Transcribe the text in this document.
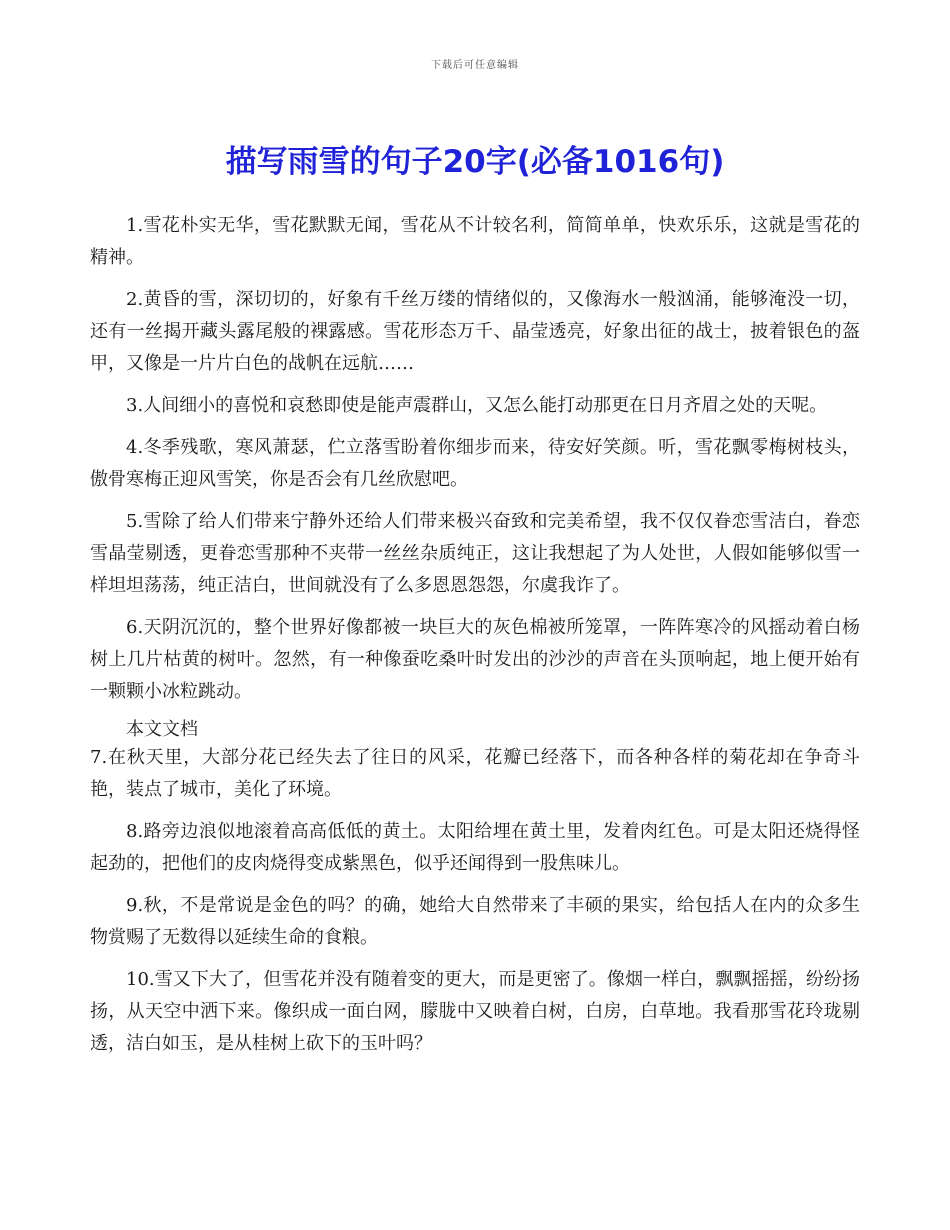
下载后可任意编辑
描写雨雪的句子20字(必备1016句)

1.雪花朴实无华，雪花默默无闻，雪花从不计较名利，简简单单，快欢乐乐，这就是雪花的精神。

2.黄昏的雪，深切切的，好象有千丝万缕的情绪似的，又像海水一般汹涌，能够淹没一切，还有一丝揭开藏头露尾般的裸露感。雪花形态万千、晶莹透亮，好象出征的战士，披着银色的盔甲，又像是一片片白色的战帆在远航……

3.人间细小的喜悦和哀愁即使是能声震群山，又怎么能打动那更在日月齐眉之处的天呢。

4.冬季残歌，寒风萧瑟，伫立落雪盼着你细步而来，待安好笑颜。听，雪花飘零梅树枝头，傲骨寒梅正迎风雪笑，你是否会有几丝欣慰吧。

5.雪除了给人们带来宁静外还给人们带来极兴奋致和完美希望，我不仅仅眷恋雪洁白，眷恋雪晶莹剔透，更眷恋雪那种不夹带一丝丝杂质纯正，这让我想起了为人处世，人假如能够似雪一样坦坦荡荡，纯正洁白，世间就没有了么多恩恩怨怨，尔虞我诈了。

6.天阴沉沉的，整个世界好像都被一块巨大的灰色棉被所笼罩，一阵阵寒冷的风摇动着白杨树上几片枯黄的树叶。忽然，有一种像蚕吃桑叶时发出的沙沙的声音在头顶响起，地上便开始有一颗颗小冰粒跳动。

本文文档

7.在秋天里，大部分花已经失去了往日的风采，花瓣已经落下，而各种各样的菊花却在争奇斗艳，装点了城市，美化了环境。

8.路旁边浪似地滚着高高低低的黄土。太阳给埋在黄土里，发着肉红色。可是太阳还烧得怪起劲的，把他们的皮肉烧得变成紫黑色，似乎还闻得到一股焦味儿。

9.秋，不是常说是金色的吗？的确，她给大自然带来了丰硕的果实，给包括人在内的众多生物赏赐了无数得以延续生命的食粮。

10.雪又下大了，但雪花并没有随着变的更大，而是更密了。像烟一样白，飘飘摇摇，纷纷扬扬，从天空中洒下来。像织成一面白网，朦胧中又映着白树，白房，白草地。我看那雪花玲珑剔透，洁白如玉，是从桂树上砍下的玉叶吗？
